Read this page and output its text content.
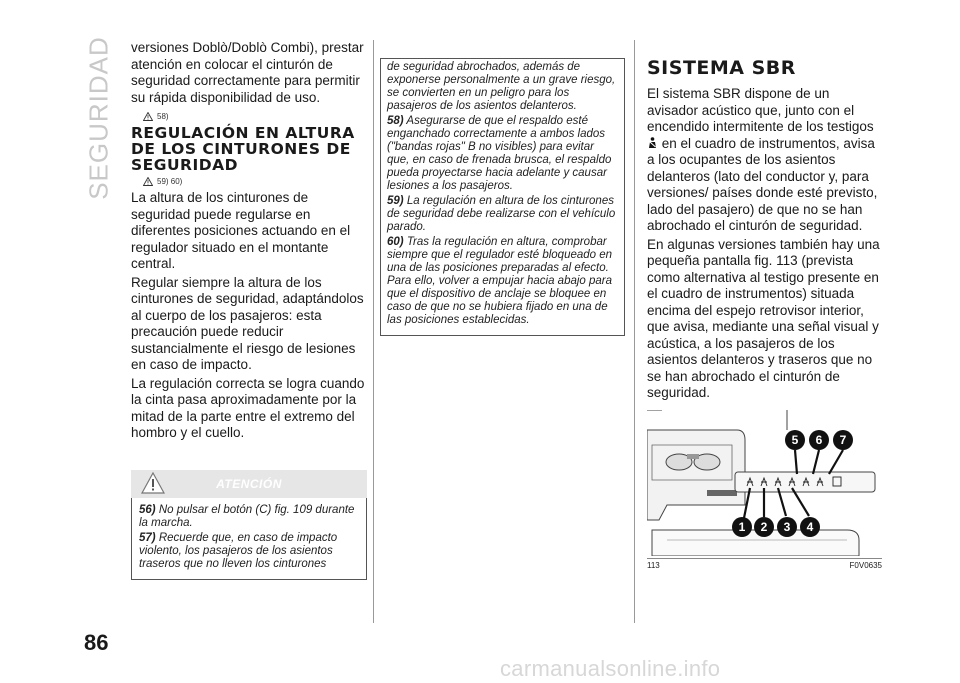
SEGURIDAD
86

versiones Doblò/Doblò Combi), prestar atención en colocar el cinturón de seguridad correctamente para permitir su rápida disponibilidad de uso.

58)
REGULACIÓN EN ALTURA DE LOS CINTURONES DE SEGURIDAD
59) 60)

La altura de los cinturones de seguridad puede regularse en diferentes posiciones actuando en el regulador situado en el montante central.

Regular siempre la altura de los cinturones de seguridad, adaptándolos al cuerpo de los pasajeros: esta precaución puede reducir sustancialmente el riesgo de lesiones en caso de impacto.

La regulación correcta se logra cuando la cinta pasa aproximadamente por la mitad de la parte entre el extremo del hombro y el cuello.

ATENCIÓN

56) No pulsar el botón (C) fig. 109 durante la marcha.

57) Recuerde que, en caso de impacto violento, los pasajeros de los asientos traseros que no lleven los cinturones

de seguridad abrochados, además de exponerse personalmente a un grave riesgo, se convierten en un peligro para los pasajeros de los asientos delanteros.

58) Asegurarse de que el respaldo esté enganchado correctamente a ambos lados ("bandas rojas" B no visibles) para evitar que, en caso de frenada brusca, el respaldo pueda proyectarse hacia adelante y causar lesiones a los pasajeros.

59) La regulación en altura de los cinturones de seguridad debe realizarse con el vehículo parado.

60) Tras la regulación en altura, comprobar siempre que el regulador esté bloqueado en una de las posiciones preparadas al efecto. Para ello, volver a empujar hacia abajo para que el dispositivo de anclaje se bloquee en caso de que no se hubiera fijado en una de las posiciones establecidas.

SISTEMA SBR

El sistema SBR dispone de un avisador acústico que, junto con el encendido intermitente de los testigos  en el cuadro de instrumentos, avisa a los ocupantes de los asientos delanteros (lato del conductor y, para versiones/ países donde esté previsto, lado del pasajero) de que no se han abrochado el cinturón de seguridad.

En algunas versiones también hay una pequeña pantalla fig. 113 (prevista como alternativa al testigo presente en el cuadro de instrumentos) situada encima del espejo retrovisor interior, que avisa, mediante una señal visual y acústica, a los pasajeros de los asientos delanteros y traseros que no se han abrochado el cinturón de seguridad.

1 2 3 4
5 6 7
113	F0V0635
carmanualsonline.info
